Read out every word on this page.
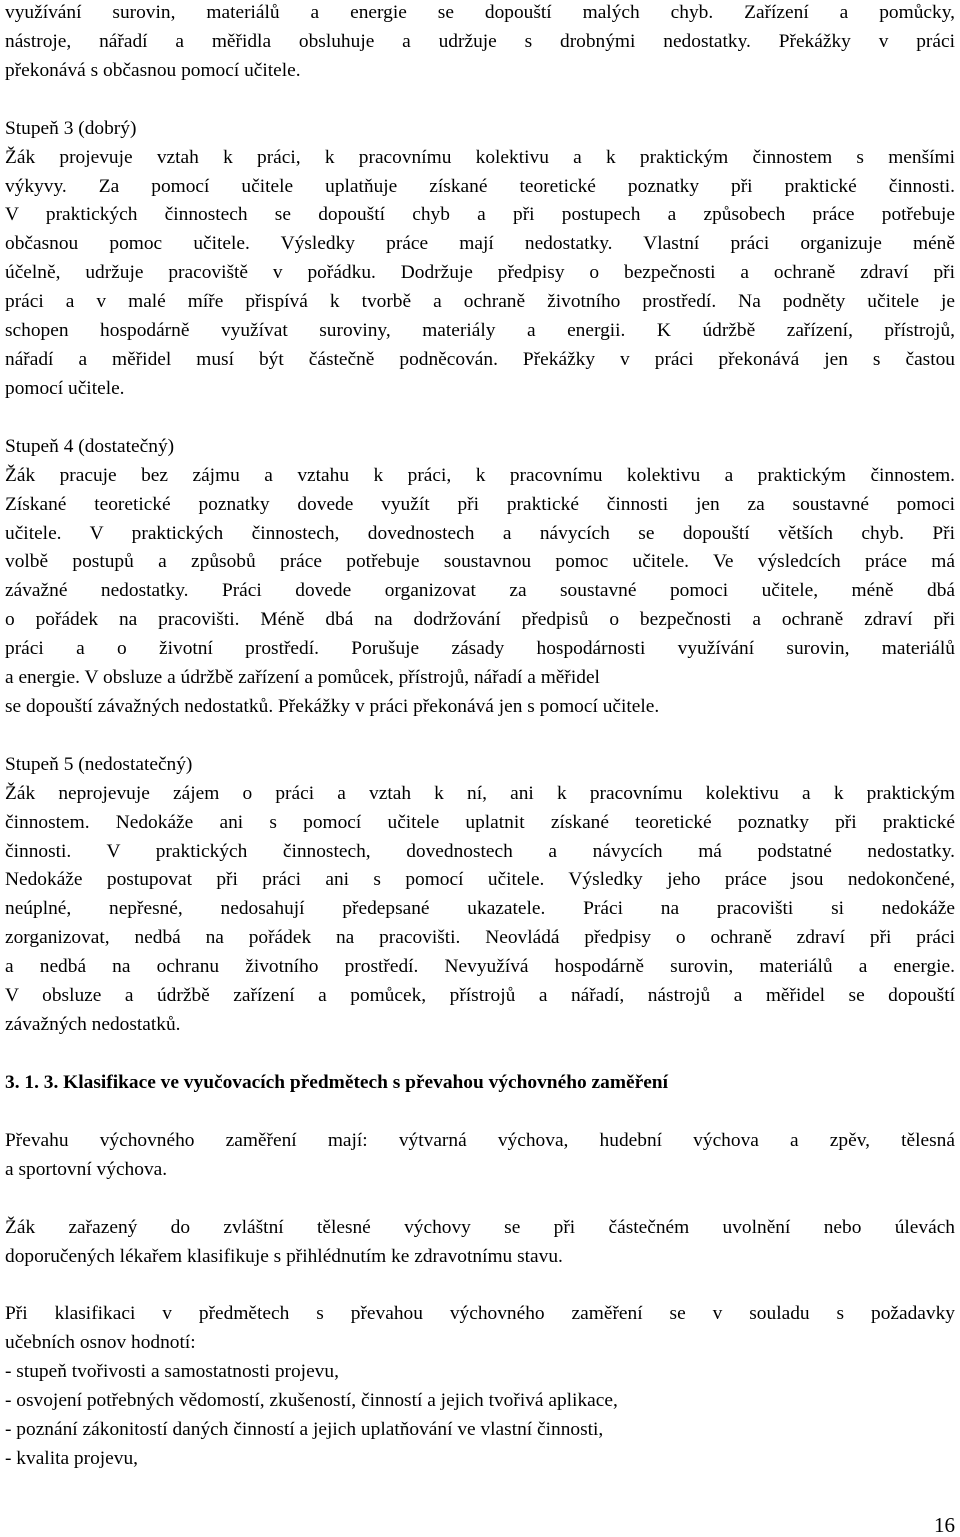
využívání surovin, materiálů a energie se dopouští malých chyb. Zařízení a pomůcky,
nástroje, nářadí a měřidla obsluhuje a udržuje s drobnými nedostatky. Překážky v práci
překonává s občasnou pomocí učitele.
Stupeň 3 (dobrý)
Žák projevuje vztah k práci, k pracovnímu kolektivu a k praktickým činnostem s menšími
výkyvy. Za pomocí učitele uplatňuje získané teoretické poznatky při praktické činnosti.
V praktických činnostech se dopouští chyb a při postupech a způsobech práce potřebuje
občasnou pomoc učitele. Výsledky práce mají nedostatky. Vlastní práci organizuje méně
účelně, udržuje pracoviště v pořádku. Dodržuje předpisy o bezpečnosti a ochraně zdraví při
práci a v malé míře přispívá k tvorbě a ochraně životního prostředí. Na podněty učitele je
schopen hospodárně využívat suroviny, materiály a energii. K údržbě zařízení, přístrojů,
nářadí a měřidel musí být částečně podněcován. Překážky v práci překonává jen s častou
pomocí učitele.
Stupeň 4 (dostatečný)
Žák pracuje bez zájmu a vztahu k práci, k pracovnímu kolektivu a praktickým činnostem.
Získané teoretické poznatky dovede využít při praktické činnosti jen za soustavné pomoci
učitele. V praktických činnostech, dovednostech a návycích se dopouští větších chyb. Při
volbě postupů a způsobů práce potřebuje soustavnou pomoc učitele. Ve výsledcích práce má
závažné nedostatky. Práci dovede organizovat za soustavné pomoci učitele, méně dbá
o pořádek na pracovišti. Méně dbá na dodržování předpisů o bezpečnosti a ochraně zdraví při
práci a o životní prostředí. Porušuje zásady hospodárnosti využívání surovin, materiálů
a energie. V obsluze a údržbě zařízení a pomůcek, přístrojů, nářadí a měřidel
se dopouští závažných nedostatků. Překážky v práci překonává jen s pomocí učitele.
Stupeň 5 (nedostatečný)
Žák neprojevuje zájem o práci a vztah k ní, ani k pracovnímu kolektivu a k praktickým
činnostem. Nedokáže ani s pomocí učitele uplatnit získané teoretické poznatky při praktické
činnosti. V praktických činnostech, dovednostech a návycích má podstatné nedostatky.
Nedokáže postupovat při práci ani s pomocí učitele. Výsledky jeho práce jsou nedokončené,
neúplné, nepřesné, nedosahují předepsané ukazatele. Práci na pracovišti si nedokáže
zorganizovat, nedbá na pořádek na pracovišti. Neovládá předpisy o ochraně zdraví při práci
a nedbá na ochranu životního prostředí. Nevyužívá hospodárně surovin, materiálů a energie.
V obsluze a údržbě zařízení a pomůcek, přístrojů a nářadí, nástrojů a měřidel se dopouští
závažných nedostatků.
3. 1. 3. Klasifikace ve vyučovacích předmětech s převahou výchovného zaměření
Převahu výchovného zaměření mají: výtvarná výchova, hudební výchova a zpěv, tělesná
a sportovní výchova.
Žák zařazený do zvláštní tělesné výchovy se při částečném uvolnění nebo úlevách
doporučených lékařem klasifikuje s přihlédnutím ke zdravotnímu stavu.
Při klasifikaci v předmětech s převahou výchovného zaměření se v souladu s požadavky
učebních osnov hodnotí:
- stupeň tvořivosti a samostatnosti projevu,
- osvojení potřebných vědomostí, zkušeností, činností a jejich tvořivá aplikace,
- poznání zákonitostí daných činností a jejich uplatňování ve vlastní činnosti,
- kvalita projevu,
16
